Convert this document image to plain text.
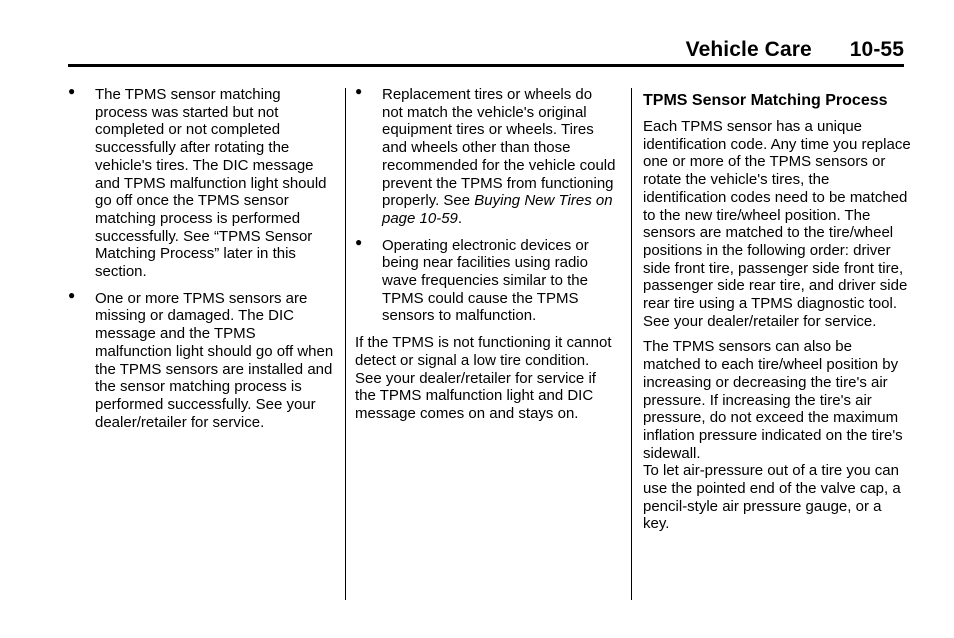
Vehicle Care 10-55
● The TPMS sensor matching process was started but not completed or not completed successfully after rotating the vehicle's tires. The DIC message and TPMS malfunction light should go off once the TPMS sensor matching process is performed successfully. See “TPMS Sensor Matching Process” later in this section.
● One or more TPMS sensors are missing or damaged. The DIC message and the TPMS malfunction light should go off when the TPMS sensors are installed and the sensor matching process is performed successfully. See your dealer/retailer for service.
● Replacement tires or wheels do not match the vehicle's original equipment tires or wheels. Tires and wheels other than those recommended for the vehicle could prevent the TPMS from functioning properly. See Buying New Tires on page 10-59.
● Operating electronic devices or being near facilities using radio wave frequencies similar to the TPMS could cause the TPMS sensors to malfunction.

If the TPMS is not functioning it cannot detect or signal a low tire condition. See your dealer/retailer for service if the TPMS malfunction light and DIC message comes on and stays on.

TPMS Sensor Matching Process

Each TPMS sensor has a unique identification code. Any time you replace one or more of the TPMS sensors or rotate the vehicle's tires, the identification codes need to be matched to the new tire/wheel position. The sensors are matched to the tire/wheel positions in the following order: driver side front tire, passenger side front tire, passenger side rear tire, and driver side rear tire using a TPMS diagnostic tool. See your dealer/retailer for service.

The TPMS sensors can also be matched to each tire/wheel position by increasing or decreasing the tire's air pressure. If increasing the tire's air pressure, do not exceed the maximum inflation pressure indicated on the tire's sidewall.

To let air-pressure out of a tire you can use the pointed end of the valve cap, a pencil-style air pressure gauge, or a key.
